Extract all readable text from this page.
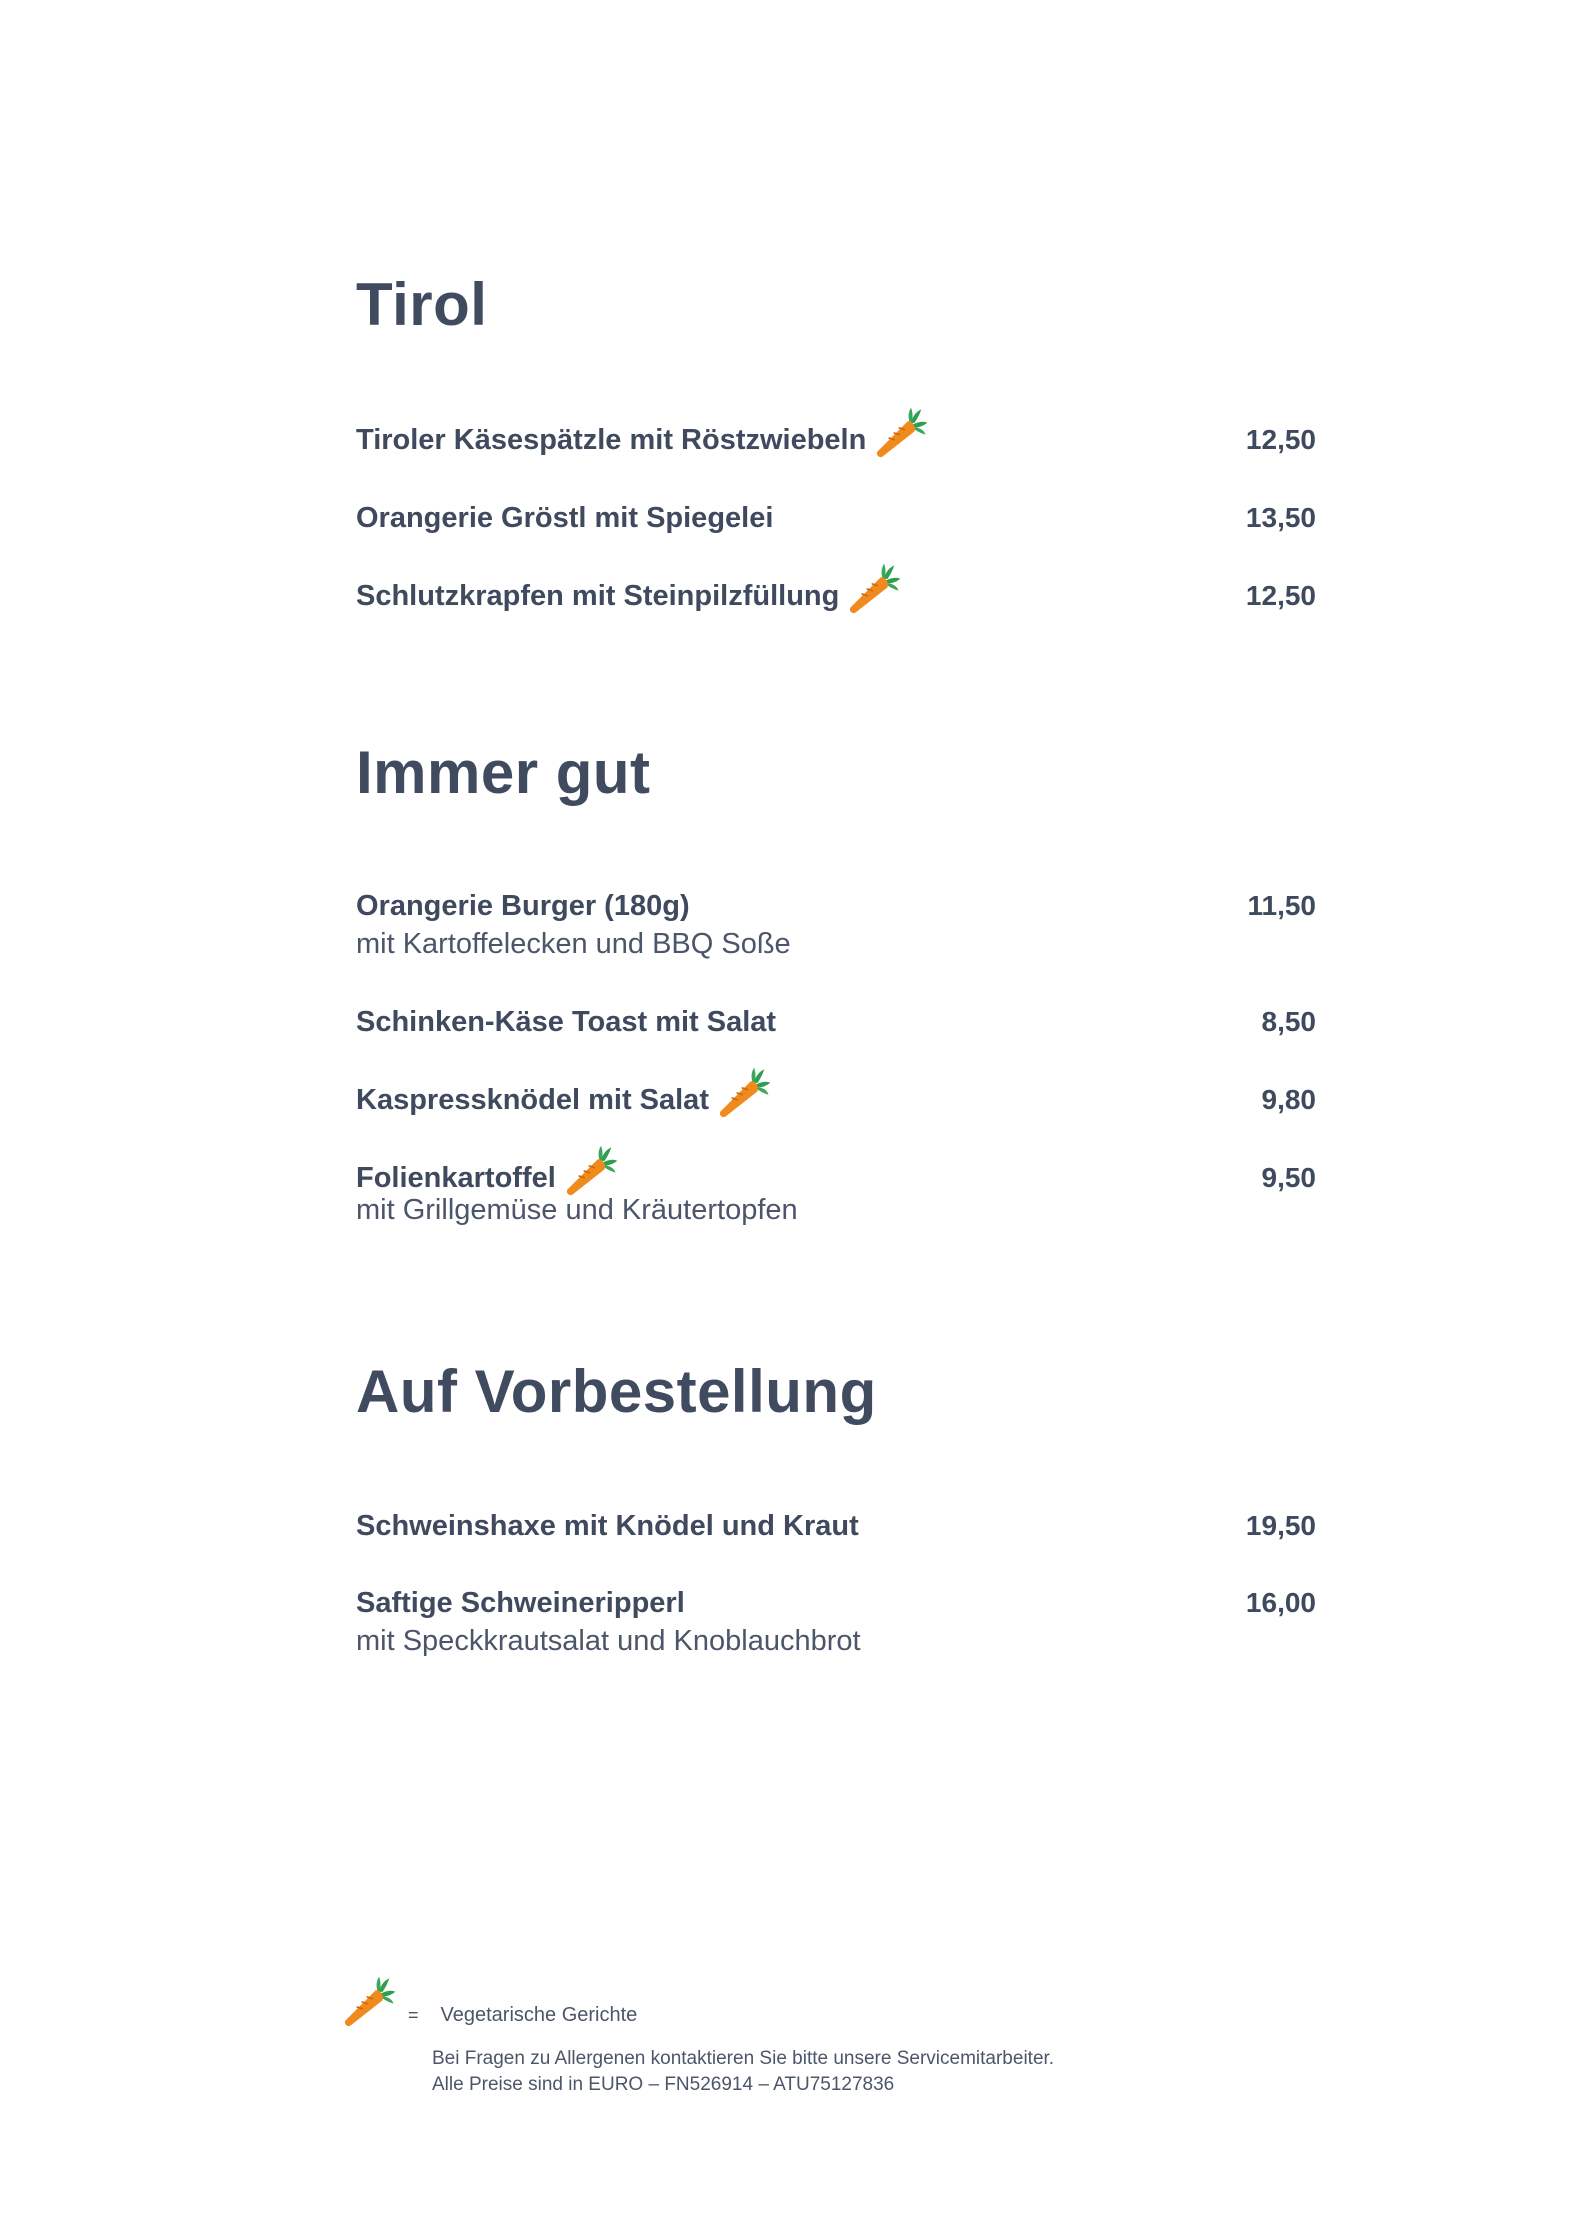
Tirol
Tiroler Käsespätzle mit Röstzwiebeln	12,50
Orangerie Gröstl mit Spiegelei	13,50
Schlutzkrapfen mit Steinpilzfüllung	12,50
Immer gut
Orangerie Burger (180g)	11,50
mit Kartoffelecken und BBQ Soße
Schinken-Käse Toast mit Salat	8,50
Kaspressknödel mit Salat	9,80
Folienkartoffel	9,50
mit Grillgemüse und Kräutertopfen
Auf Vorbestellung
Schweinshaxe mit Knödel und Kraut	19,50
Saftige Schweineripperl	16,00
mit Speckkrautsalat und Knoblauchbrot
= Vegetarische Gerichte
Bei Fragen zu Allergenen kontaktieren Sie bitte unsere Servicemitarbeiter.
Alle Preise sind in EURO – FN526914 – ATU75127836
